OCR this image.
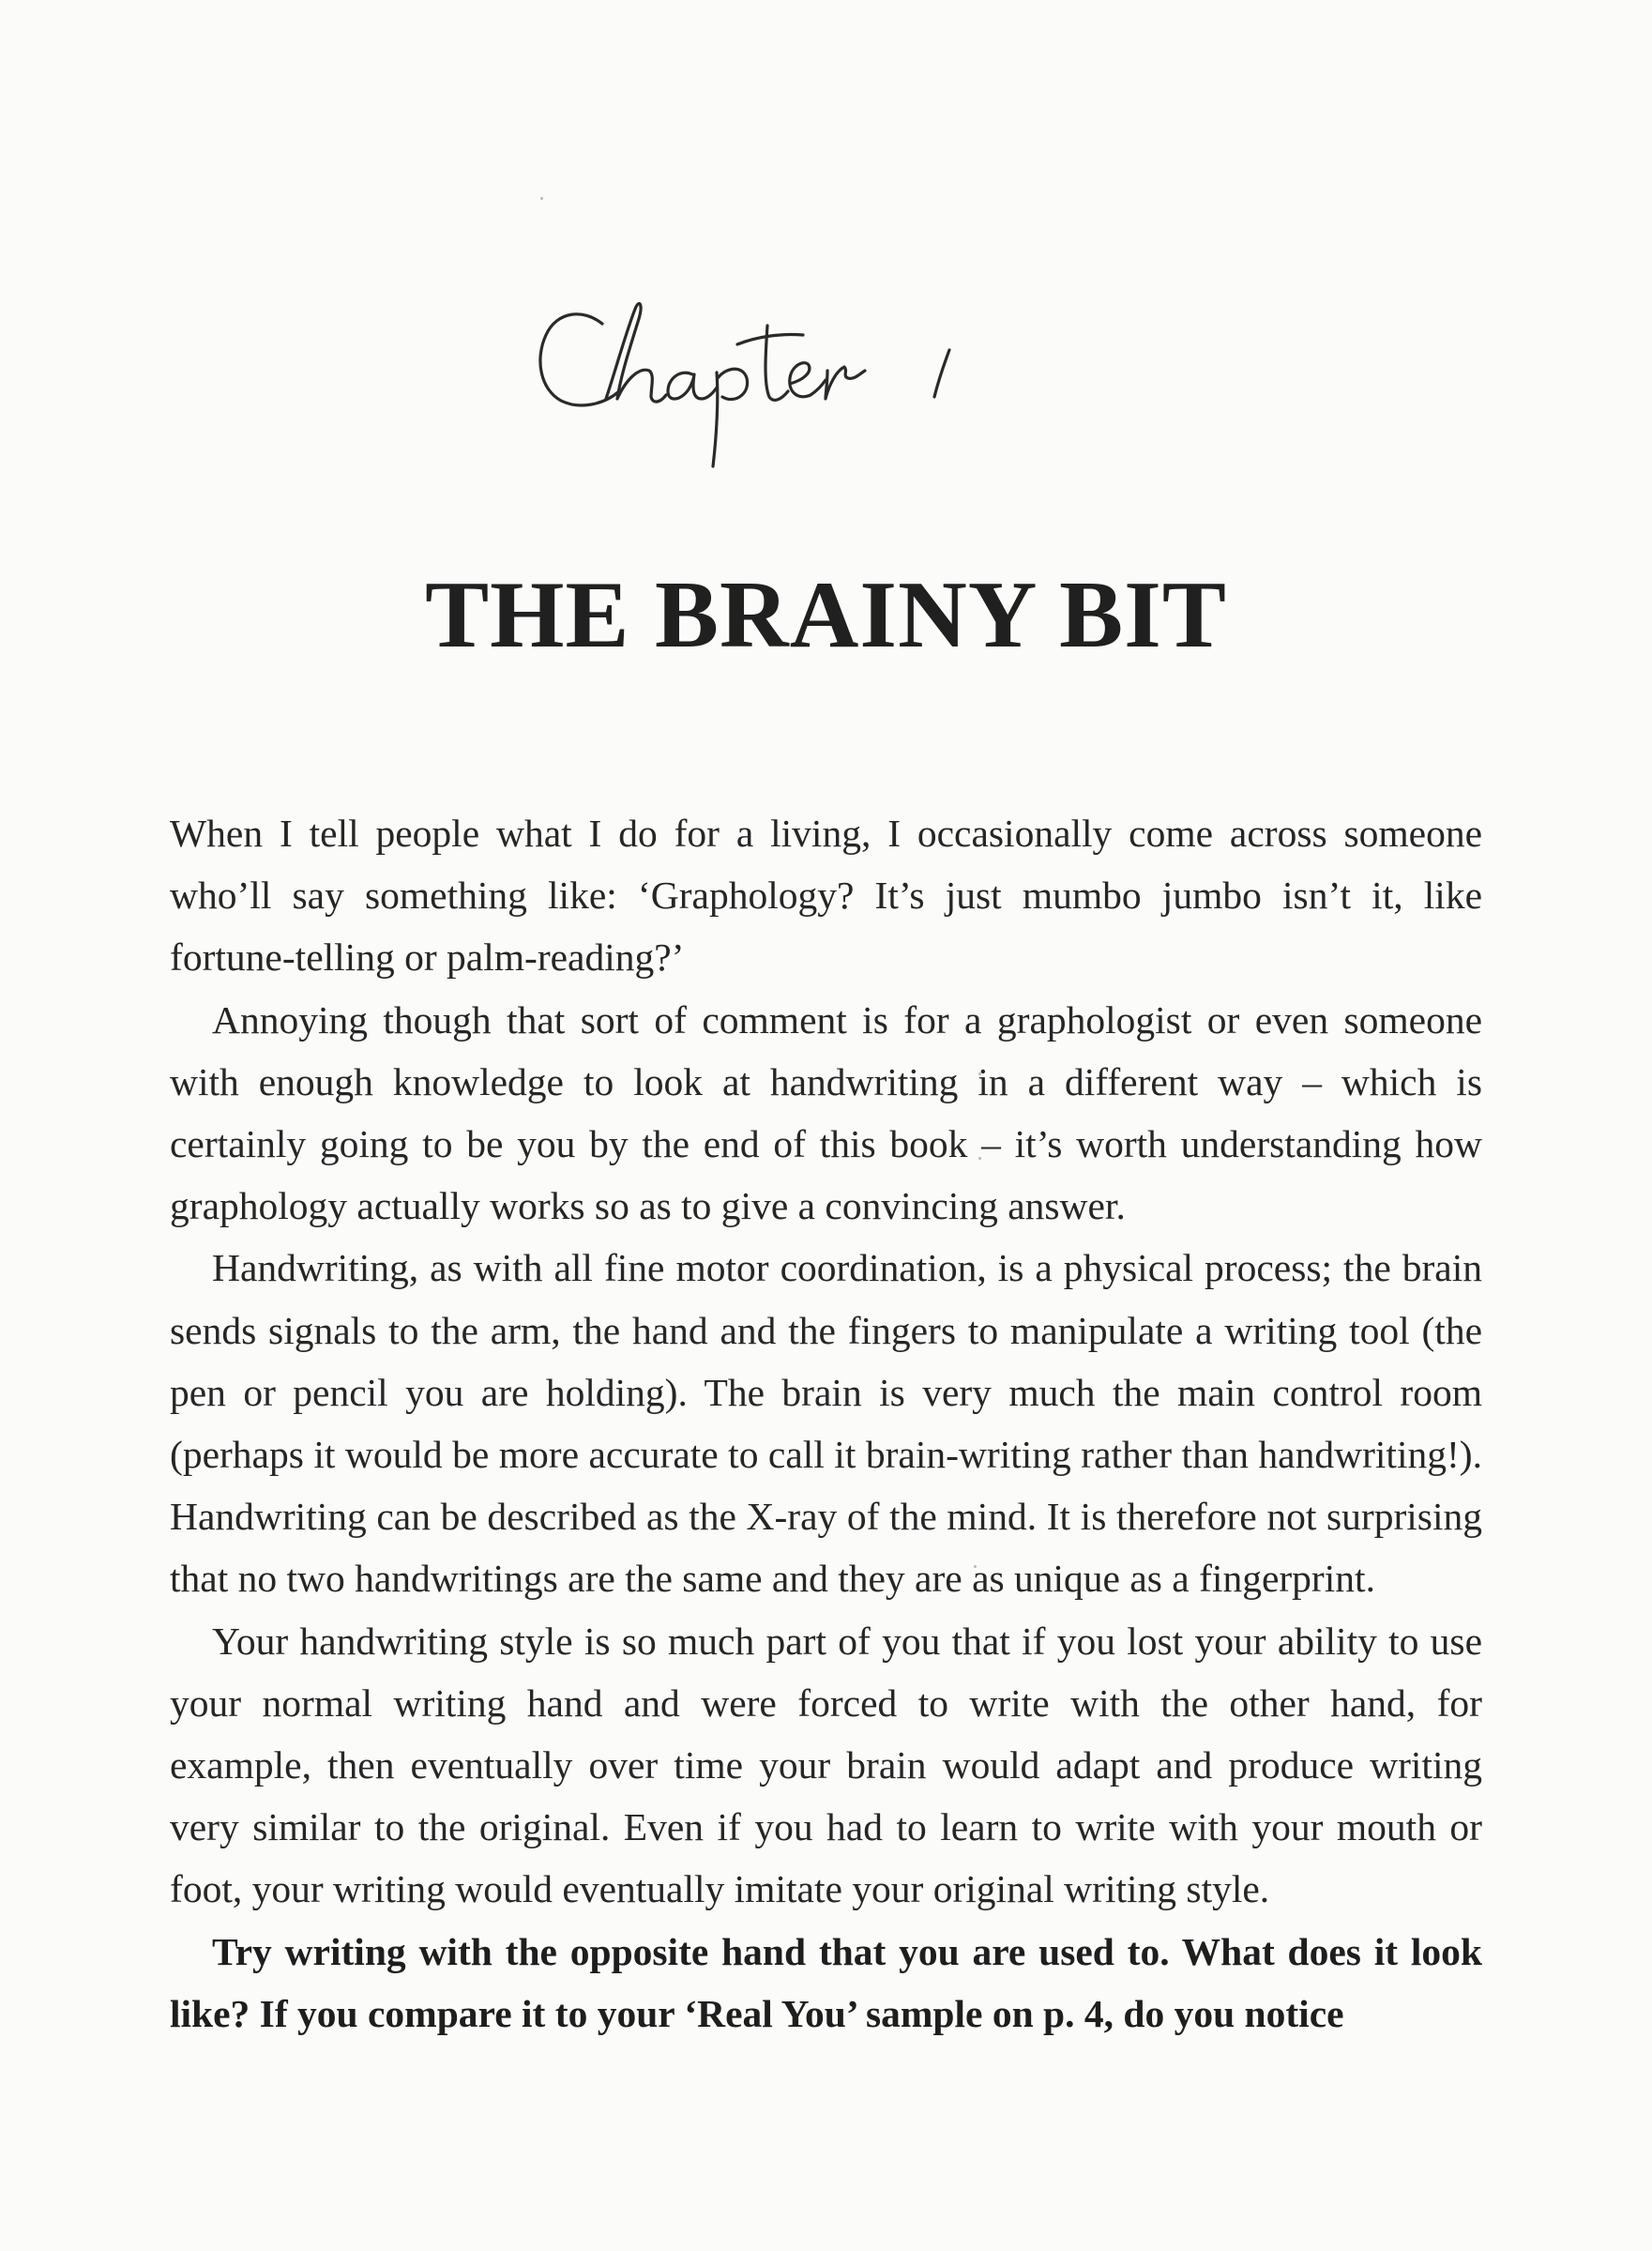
THE BRAINY BIT

When I tell people what I do for a living, I occasionally come across someone who’ll say something like: ‘Graphology? It’s just mumbo jumbo isn’t it, like fortune-telling or palm-reading?’

Annoying though that sort of comment is for a graphologist or even someone with enough knowledge to look at handwriting in a different way – which is certainly going to be you by the end of this book – it’s worth understanding how graphology actually works so as to give a convincing answer.

Handwriting, as with all fine motor coordination, is a physical process; the brain sends signals to the arm, the hand and the fingers to manipulate a writing tool (the pen or pencil you are holding). The brain is very much the main control room (perhaps it would be more accurate to call it brain-writing rather than handwriting!). Handwriting can be described as the X-ray of the mind. It is therefore not surprising that no two handwritings are the same and they are as unique as a fingerprint.

Your handwriting style is so much part of you that if you lost your ability to use your normal writing hand and were forced to write with the other hand, for example, then eventually over time your brain would adapt and produce writing very similar to the original. Even if you had to learn to write with your mouth or foot, your writing would eventually imitate your original writing style.

Try writing with the opposite hand that you are used to. What does it look like? If you compare it to your ‘Real You’ sample on p. 4, do you notice
